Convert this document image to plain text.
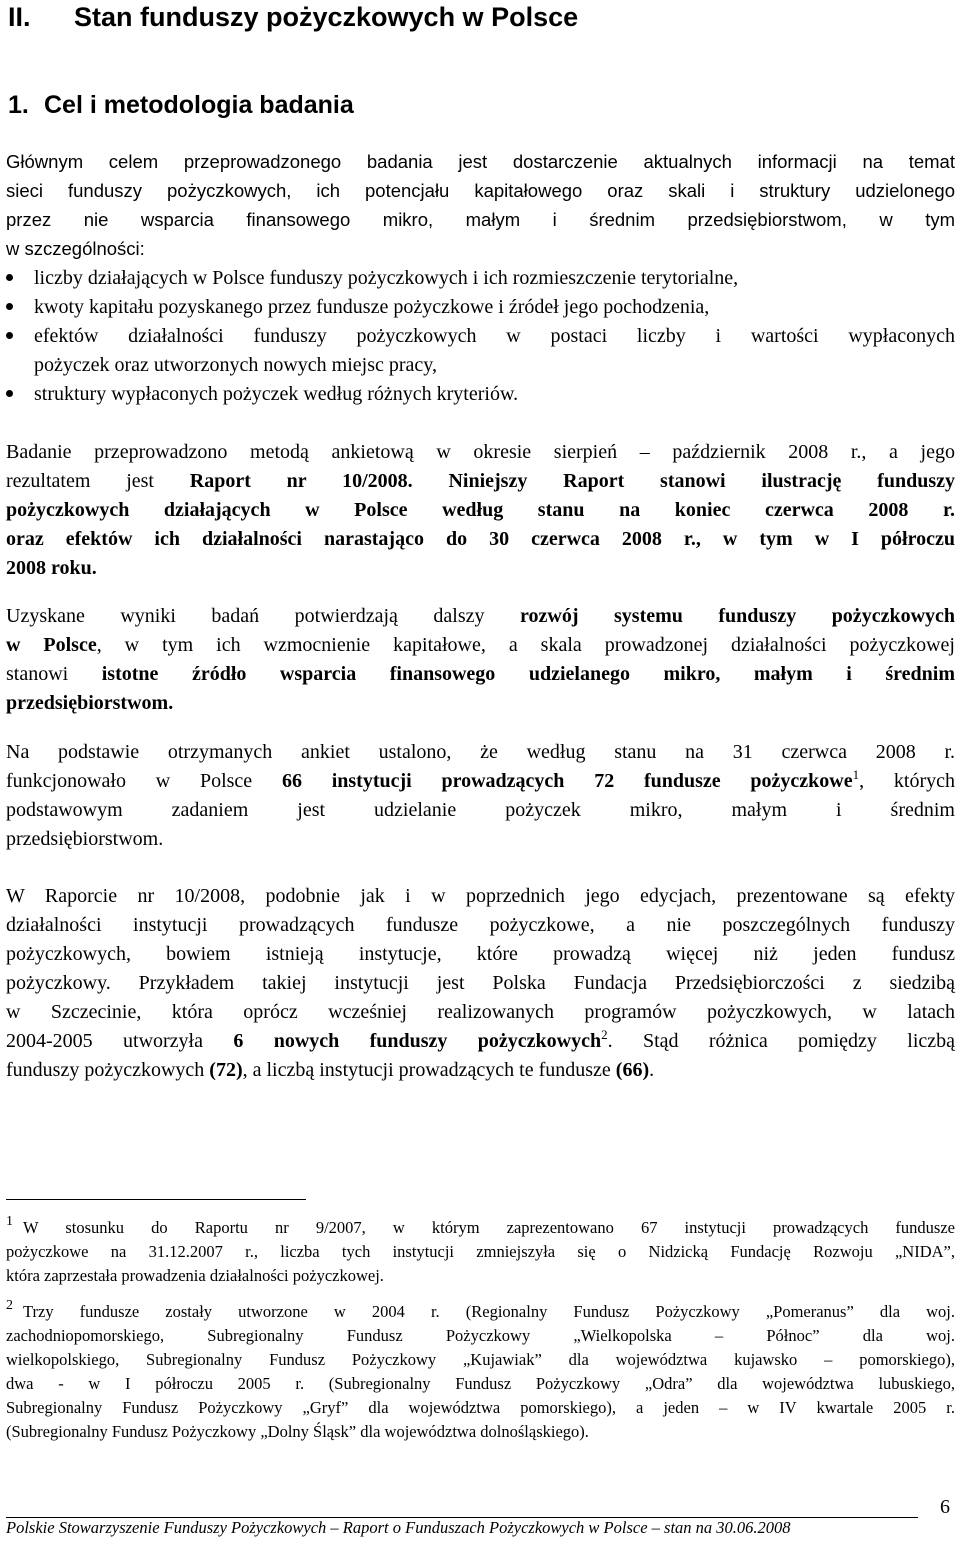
II. Stan funduszy pożyczkowych w Polsce
1. Cel i metodologia badania
Głównym celem przeprowadzonego badania jest dostarczenie aktualnych informacji na temat
sieci funduszy pożyczkowych, ich potencjału kapitałowego oraz skali i struktury udzielonego
przez nie wsparcia finansowego mikro, małym i średnim przedsiębiorstwom, w tym
w szczególności:
liczby działających w Polsce funduszy pożyczkowych i ich rozmieszczenie terytorialne,
kwoty kapitału pozyskanego przez fundusze pożyczkowe i źródeł jego pochodzenia,
efektów działalności funduszy pożyczkowych w postaci liczby i wartości wypłaconych
pożyczek oraz utworzonych nowych miejsc pracy,
struktury wypłaconych pożyczek według różnych kryteriów.
Badanie przeprowadzono metodą ankietową w okresie sierpień – październik 2008 r., a jego
rezultatem jest Raport nr 10/2008. Niniejszy Raport stanowi ilustrację funduszy
pożyczkowych działających w Polsce według stanu na koniec czerwca 2008 r.
oraz efektów ich działalności narastająco do 30 czerwca 2008 r., w tym w I półroczu
2008 roku.
Uzyskane wyniki badań potwierdzają dalszy rozwój systemu funduszy pożyczkowych
w Polsce, w tym ich wzmocnienie kapitałowe, a skala prowadzonej działalności pożyczkowej
stanowi istotne źródło wsparcia finansowego udzielanego mikro, małym i średnim
przedsiębiorstwom.
Na podstawie otrzymanych ankiet ustalono, że według stanu na 31 czerwca 2008 r.
funkcjonowało w Polsce 66 instytucji prowadzących 72 fundusze pożyczkowe$^1$, których
podstawowym zadaniem jest udzielanie pożyczek mikro, małym i średnim
przedsiębiorstwom.
W Raporcie nr 10/2008, podobnie jak i w poprzednich jego edycjach, prezentowane są efekty
działalności instytucji prowadzących fundusze pożyczkowe, a nie poszczególnych funduszy
pożyczkowych, bowiem istnieją instytucje, które prowadzą więcej niż jeden fundusz
pożyczkowy. Przykładem takiej instytucji jest Polska Fundacja Przedsiębiorczości z siedzibą
w Szczecinie, która oprócz wcześniej realizowanych programów pożyczkowych, w latach
2004-2005 utworzyła 6 nowych funduszy pożyczkowych$^2$. Stąd różnica pomiędzy liczbą
funduszy pożyczkowych (72), a liczbą instytucji prowadzących te fundusze (66).
$^1$ W stosunku do Raportu nr 9/2007, w którym zaprezentowano 67 instytucji prowadzących fundusze
pożyczkowe na 31.12.2007 r., liczba tych instytucji zmniejszyła się o Nidzicką Fundację Rozwoju „NIDA”,
która zaprzestała prowadzenia działalności pożyczkowej.
$^2$ Trzy fundusze zostały utworzone w 2004 r. (Regionalny Fundusz Pożyczkowy „Pomeranus” dla woj.
zachodniopomorskiego, Subregionalny Fundusz Pożyczkowy „Wielkopolska – Północ” dla woj.
wielkopolskiego, Subregionalny Fundusz Pożyczkowy „Kujawiak” dla województwa kujawsko – pomorskiego),
dwa - w I półroczu 2005 r. (Subregionalny Fundusz Pożyczkowy „Odra” dla województwa lubuskiego,
Subregionalny Fundusz Pożyczkowy „Gryf” dla województwa pomorskiego), a jeden – w IV kwartale 2005 r.
(Subregionalny Fundusz Pożyczkowy „Dolny Śląsk” dla województwa dolnośląskiego).
6
Polskie Stowarzyszenie Funduszy Pożyczkowych – Raport o Funduszach Pożyczkowych w Polsce – stan na 30.06.2008
